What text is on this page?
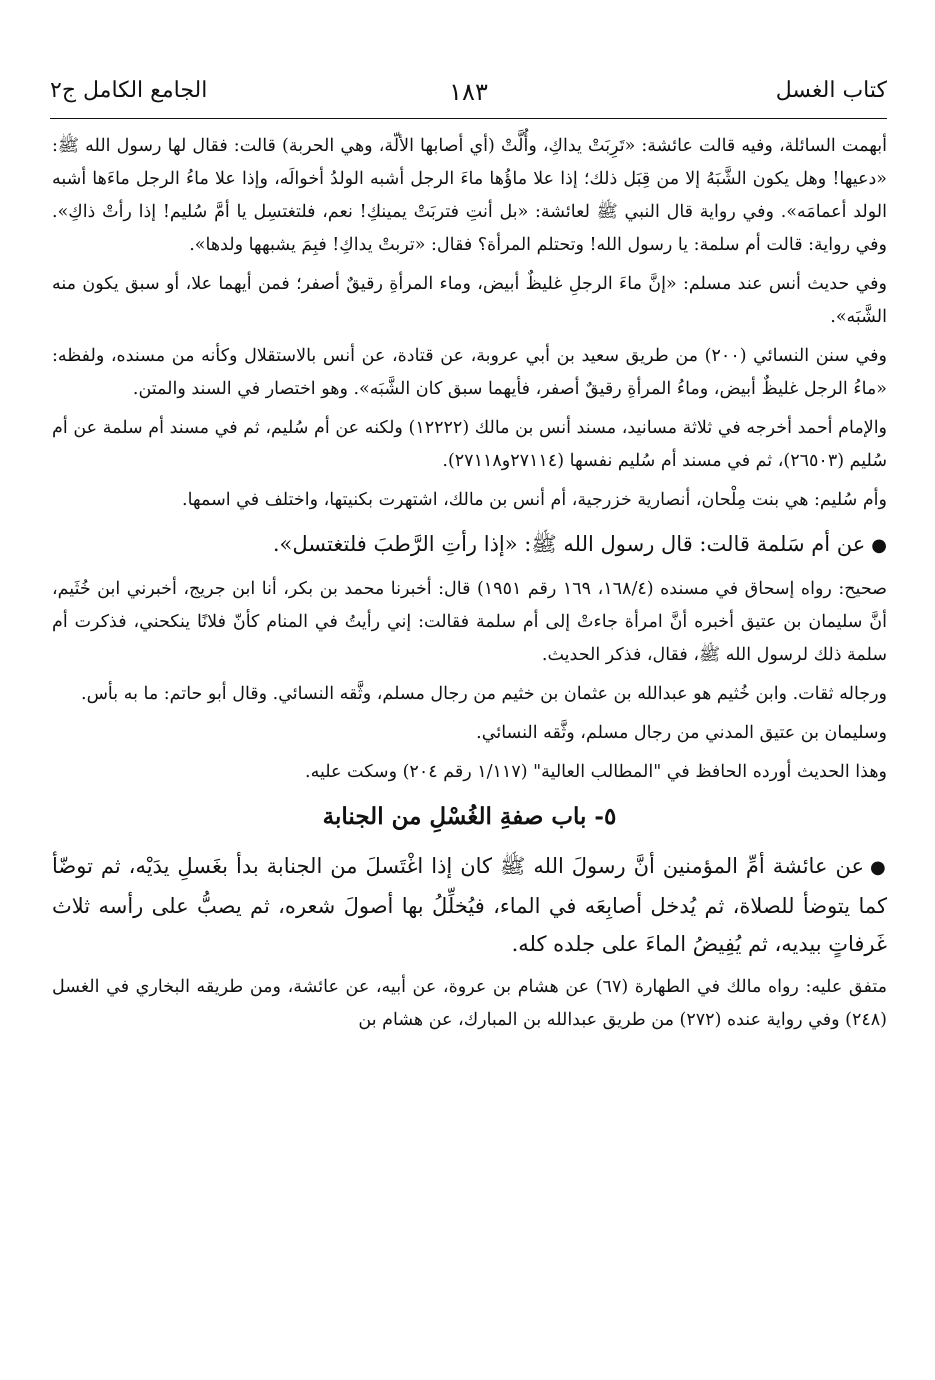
كتاب الغسل
١٨٣
الجامع الكامل ج٢

أبهمت السائلة، وفيه قالت عائشة: «تَرِبَتْ يداكِ، وأُلَّتْ (أي أصابها الألّة، وهي الحربة) قالت: فقال لها رسول الله ﷺ: «دعيها! وهل يكون الشَّبَهُ إلا من قِبَل ذلك؛ إذا علا ماؤُها ماءَ الرجل أشبه الولدُ أخوالَه، وإذا علا ماءُ الرجل ماءَها أشبه الولد أعمامَه». وفي رواية قال النبي ﷺ لعائشة: «بل أنتِ فتربَتْ يمينكِ! نعم، فلتغتسِل يا أمَّ سُليم! إذا رأتْ ذاكِ». وفي رواية: قالت أم سلمة: يا رسول الله! وتحتلم المرأة؟ فقال: «تربتْ يداكِ! فبِمَ يشبهها ولدها».

وفي حديث أنس عند مسلم: «إنَّ ماءَ الرجلِ غليظٌ أبيض، وماء المرأةِ رقيقٌ أصفر؛ فمن أيهما علا، أو سبق يكون منه الشَّبَه».

وفي سنن النسائي (٢٠٠) من طريق سعيد بن أبي عروبة، عن قتادة، عن أنس بالاستقلال وكأنه من مسنده، ولفظه: «ماءُ الرجل غليظٌ أبيض، وماءُ المرأةِ رقيقٌ أصفر، فأيهما سبق كان الشَّبَه». وهو اختصار في السند والمتن.

والإمام أحمد أخرجه في ثلاثة مسانيد، مسند أنس بن مالك (١٢٢٢٢) ولكنه عن أم سُليم، ثم في مسند أم سلمة عن أم سُليم (٢٦٥٠٣)، ثم في مسند أم سُليم نفسها (٢٧١١٤و٢٧١١٨).

وأم سُليم: هي بنت مِلْحان، أنصارية خزرجية، أم أنس بن مالك، اشتهرت بكنيتها، واختلف في اسمها.

●عن أم سَلمة قالت: قال رسول الله ﷺ: «إذا رأتِ الرَّطبَ فلتغتسل».

صحيح: رواه إسحاق في مسنده (١٦٨/٤، ١٦٩ رقم ١٩٥١) قال: أخبرنا محمد بن بكر، أنا ابن جريج، أخبرني ابن خُثَيم، أنَّ سليمان بن عتيق أخبره أنَّ امرأة جاءتْ إلى أم سلمة فقالت: إني رأيتُ في المنام كأنّ فلانًا ينكحني، فذكرت أم سلمة ذلك لرسول الله ﷺ، فقال، فذكر الحديث.

ورجاله ثقات. وابن خُثيم هو عبدالله بن عثمان بن خثيم من رجال مسلم، وثَّقه النسائي. وقال أبو حاتم: ما به بأس.

وسليمان بن عتيق المدني من رجال مسلم، وثَّقه النسائي.

وهذا الحديث أورده الحافظ في "المطالب العالية" (١/١١٧ رقم ٢٠٤) وسكت عليه.

٥- باب صفةِ الغُسْلِ من الجنابة

●عن عائشة أمِّ المؤمنين أنَّ رسولَ الله ﷺ كان إذا اغْتَسلَ من الجنابة بدأ بغَسلِ يدَيْه، ثم توضّأ كما يتوضأ للصلاة، ثم يُدخل أصابِعَه في الماء، فيُخلِّلُ بها أصولَ شعره، ثم يصبُّ على رأسه ثلاث غَرفاتٍ بيديه، ثم يُفِيضُ الماءَ على جلده كله.

متفق عليه: رواه مالك في الطهارة (٦٧) عن هشام بن عروة، عن أبيه، عن عائشة، ومن طريقه البخاري في الغسل (٢٤٨) وفي رواية عنده (٢٧٢) من طريق عبدالله بن المبارك، عن هشام بن
